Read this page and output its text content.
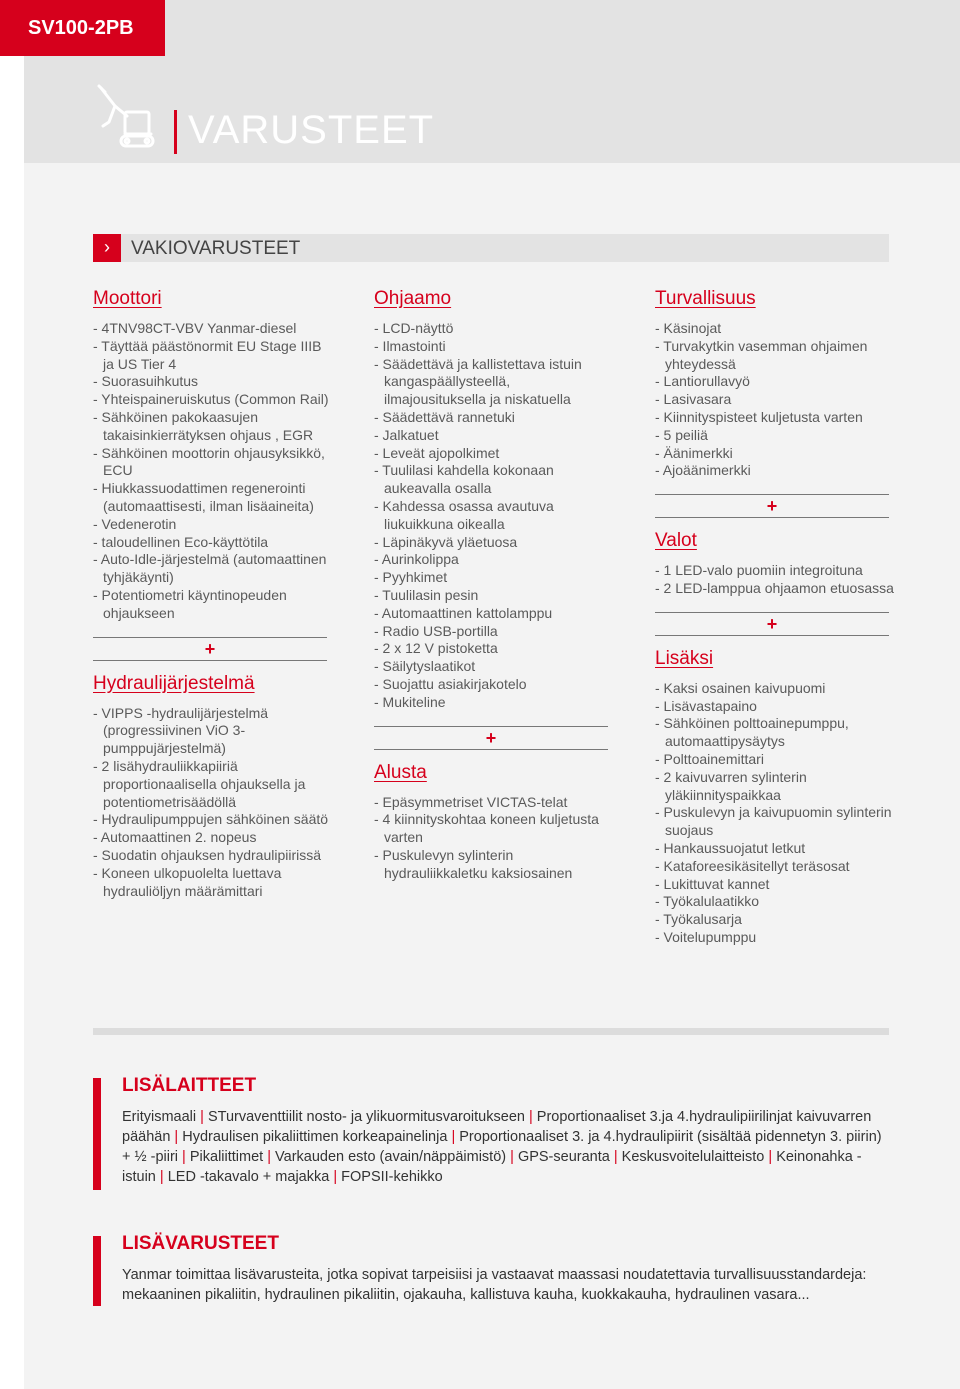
SV100-2PB
VARUSTEET
›	VAKIOVARUSTEET
Moottori
- 4TNV98CT-VBV Yanmar-diesel
- Täyttää päästönormit EU Stage IIIB ja US Tier 4
- Suorasuihkutus
- Yhteispaineruiskutus (Common Rail)
- Sähköinen pakokaasujen takaisinkierrätyksen ohjaus , EGR
- Sähköinen moottorin ohjausyksikkö, ECU
- Hiukkassuodattimen regenerointi (automaattisesti, ilman lisäaineita)
- Vedenerotin
- taloudellinen Eco-käyttötila
- Auto-Idle-järjestelmä (automaattinen tyhjäkäynti)
- Potentiometri käyntinopeuden ohjaukseen
+
Hydraulijärjestelmä
- VIPPS -hydraulijärjestelmä (progressiivinen ViO 3-pumppujärjestelmä)
- 2 lisähydrauliikkapiiriä proportionaalisella ohjauksella ja potentiometrisäädöllä
- Hydraulipumppujen sähköinen säätö
- Automaattinen 2. nopeus
- Suodatin ohjauksen hydraulipiirissä
- Koneen ulkopuolelta luettava hydrauliöljyn määrämittari
Ohjaamo
- LCD-näyttö
- Ilmastointi
- Säädettävä ja kallistettava istuin kangaspäällysteellä, ilmajousituksella ja niskatuella
- Säädettävä rannetuki
- Jalkatuet
- Leveät ajopolkimet
- Tuulilasi kahdella kokonaan aukeavalla osalla
- Kahdessa osassa avautuva liukuikkuna oikealla
- Läpinäkyvä yläetuosa
- Aurinkolippa
- Pyyhkimet
- Tuulilasin pesin
- Automaattinen kattolamppu
- Radio USB-portilla
- 2 x 12 V pistoketta
- Säilytyslaatikot
- Suojattu asiakirjakotelo
- Mukiteline
+
Alusta
- Epäsymmetriset VICTAS-telat
- 4 kiinnityskohtaa koneen kuljetusta varten
- Puskulevyn sylinterin hydrauliikkaletku kaksiosainen
Turvallisuus
- Käsinojat
- Turvakytkin vasemman ohjaimen yhteydessä
- Lantiorullavyö
- Lasivasara
- Kiinnityspisteet kuljetusta varten
- 5 peiliä
- Äänimerkki
- Ajoäänimerkki
+
Valot
- 1 LED-valo puomiin integroituna
- 2 LED-lamppua ohjaamon etuosassa
+
Lisäksi
- Kaksi osainen kaivupuomi
- Lisävastapaino
- Sähköinen polttoainepumppu, automaattipysäytys
- Polttoainemittari
- 2 kaivuvarren sylinterin yläkiinnityspaikkaa
- Puskulevyn ja kaivupuomin sylinterin suojaus
- Hankaussuojatut letkut
- Kataforeesikäsitellyt teräsosat
- Lukittuvat kannet
- Työkalulaatikko
- Työkalusarja
- Voitelupumppu
LISÄLAITTEET
Erityismaali | STurvaventtiilit nosto- ja ylikuormitusvaroitukseen | Proportionaaliset 3.ja 4.hydraulipiirilinjat kaivuvarren päähän | Hydraulisen pikaliittimen korkeapainelinja | Proportionaaliset 3. ja 4.hydraulipiirit (sisältää pidennetyn 3. piirin) + ½ -piiri | Pikaliittimet | Varkauden esto (avain/näppäimistö) | GPS-seuranta | Keskusvoitelulaitteisto | Keinonahka -istuin | LED -takavalo + majakka | FOPSII-kehikko
LISÄVARUSTEET
Yanmar toimittaa lisävarusteita, jotka sopivat tarpeisiisi ja vastaavat maassasi noudatettavia turvallisuusstandardeja: mekaaninen pikaliitin, hydraulinen pikaliitin, ojakauha, kallistuva kauha, kuokkakauha, hydraulinen vasara...
